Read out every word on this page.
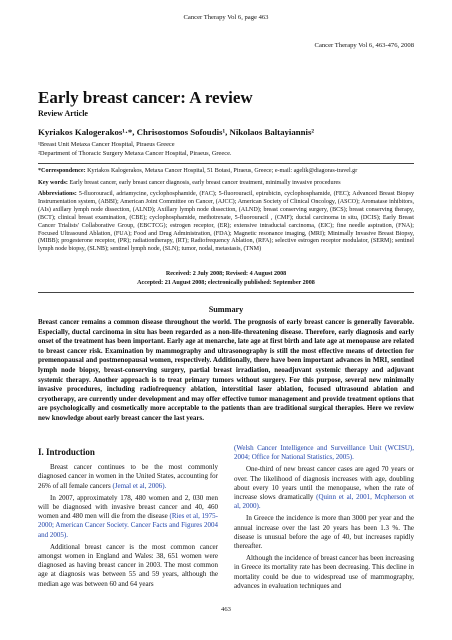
Cancer Therapy Vol 6, page 463
Cancer Therapy Vol 6, 463-476, 2008
Early breast cancer: A review
Review Article
Kyriakos Kalogerakos¹·*, Chrisostomos Sofoudis¹, Nikolaos Baltayiannis²
¹Breast Unit Metaxa Cancer Hospital, Piraeus Greece
²Department of Thoracic Surgery Metaxa Cancer Hospital, Piraeus, Greece.
*Correspondence: Kyriakos Kalogerakos, Metaxa Cancer Hospital, 51 Botasi, Piraeus, Greece; e-mail: agelik@diagoras-travel.gr
Key words: Early breast cancer, early breast cancer diagnosis, early breast cancer treatment, minimally invasive procedures
Abbreviations: 5-fluorouracil, adriamycine, cyclophosphamide, (FAC); 5-fluorouracil, epirubicin, cyclophosphamide, (FEC); Advanced Breast Biopsy Instrumentation system, (ABBI); American Joint Committee on Cancer, (AJCC); American Society of Clinical Oncology, (ASCO); Aromatase inhibitors, (AIs) axillary lymph node dissection, (ALND); Axillary lymph node dissection, (ALND); breast conserving surgery, (BCS); breast conserving therapy, (BCT); clinical breast examination, (CBE); cyclophosphamide, methotrexate, 5-fluorouracil , (CMF); ductal carcinoma in situ, (DCIS); Early Breast Cancer Trialists' Collaborative Group, (EBCTCG); estrogen receptor, (ER); extensive intraductal carcinoma, (EIC); fine needle aspiration, (FNA); Focused Ultrasound Ablation, (FUA); Food and Drug Administration, (FDA); Magnetic resonance imaging, (MRI); Minimally Invasive Breast Biopsy, (MIBB); progesterone receptor, (PR); radiationtherapy, (RT); Radiofrequency Ablation, (RFA); selective estrogen receptor modulator, (SERM); sentinel lymph node biopsy, (SLNB); sentinel lymph node, (SLN); tumor, nodal, metastasis, (TNM)
Received: 2 July 2008; Revised: 4 August 2008
Accepted: 21 August 2008; electronically published: September 2008
Summary
Breast cancer remains a common disease throughout the world. The prognosis of early breast cancer is generally favorable. Especially, ductal carcinoma in situ has been regarded as a non-life-threatening disease. Therefore, early diagnosis and early onset of the treatment has been important. Early age at menarche, late age at first birth and late age at menopause are related to breast cancer risk. Examination by mammography and ultrasonography is still the most effective means of detection for premenopausal and postmenopausal women, respectively. Additionally, there have been important advances in MRI, sentinel lymph node biopsy, breast-conserving surgery, partial breast irradiation, neoadjuvant systemic therapy and adjuvant systemic therapy. Another approach is to treat primary tumors without surgery. For this purpose, several new minimally invasive procedures, including radiofrequency ablation, interstitial laser ablation, focused ultrasound ablation and cryotherapy, are currently under development and may offer effective tumor management and provide treatment options that are psychologically and cosmetically more acceptable to the patients than are traditional surgical therapies. Here we review new knowledge about early breast cancer the last years.
I. Introduction

Breast cancer continues to be the most commonly diagnosed cancer in women in the United States, accounting for 26% of all female cancers (Jemal et al, 2006).

In 2007, approximately 178, 480 women and 2, 030 men will be diagnosed with invasive breast cancer and 40, 460 women and 480 men will die from the disease (Ries et al, 1975-2000; American Cancer Society. Cancer Facts and Figures 2004 and 2005).

Additional breast cancer is the most common cancer amongst women in England and Wales: 38, 651 women were diagnosed as having breast cancer in 2003. The most common age at diagnosis was between 55 and 59 years, although the median age was between 60 and 64 years

(Welsh Cancer Intelligence and Surveillance Unit (WCISU), 2004; Office for National Statistics, 2005).

One-third of new breast cancer cases are aged 70 years or over. The likelihood of diagnosis increases with age, doubling about every 10 years until the menopause, when the rate of increase slows dramatically (Quinn et al, 2001, Mcpherson et al, 2000).

In Greece the incidence is more than 3000 per year and the annual increase over the last 20 years has been 1.3 %. The disease is unusual before the age of 40, but increases rapidly thereafter.

Although the incidence of breast cancer has been increasing in Greece its mortality rate has been decreasing. This decline in mortality could be due to widespread use of mammography, advances in evaluation techniques and

463
